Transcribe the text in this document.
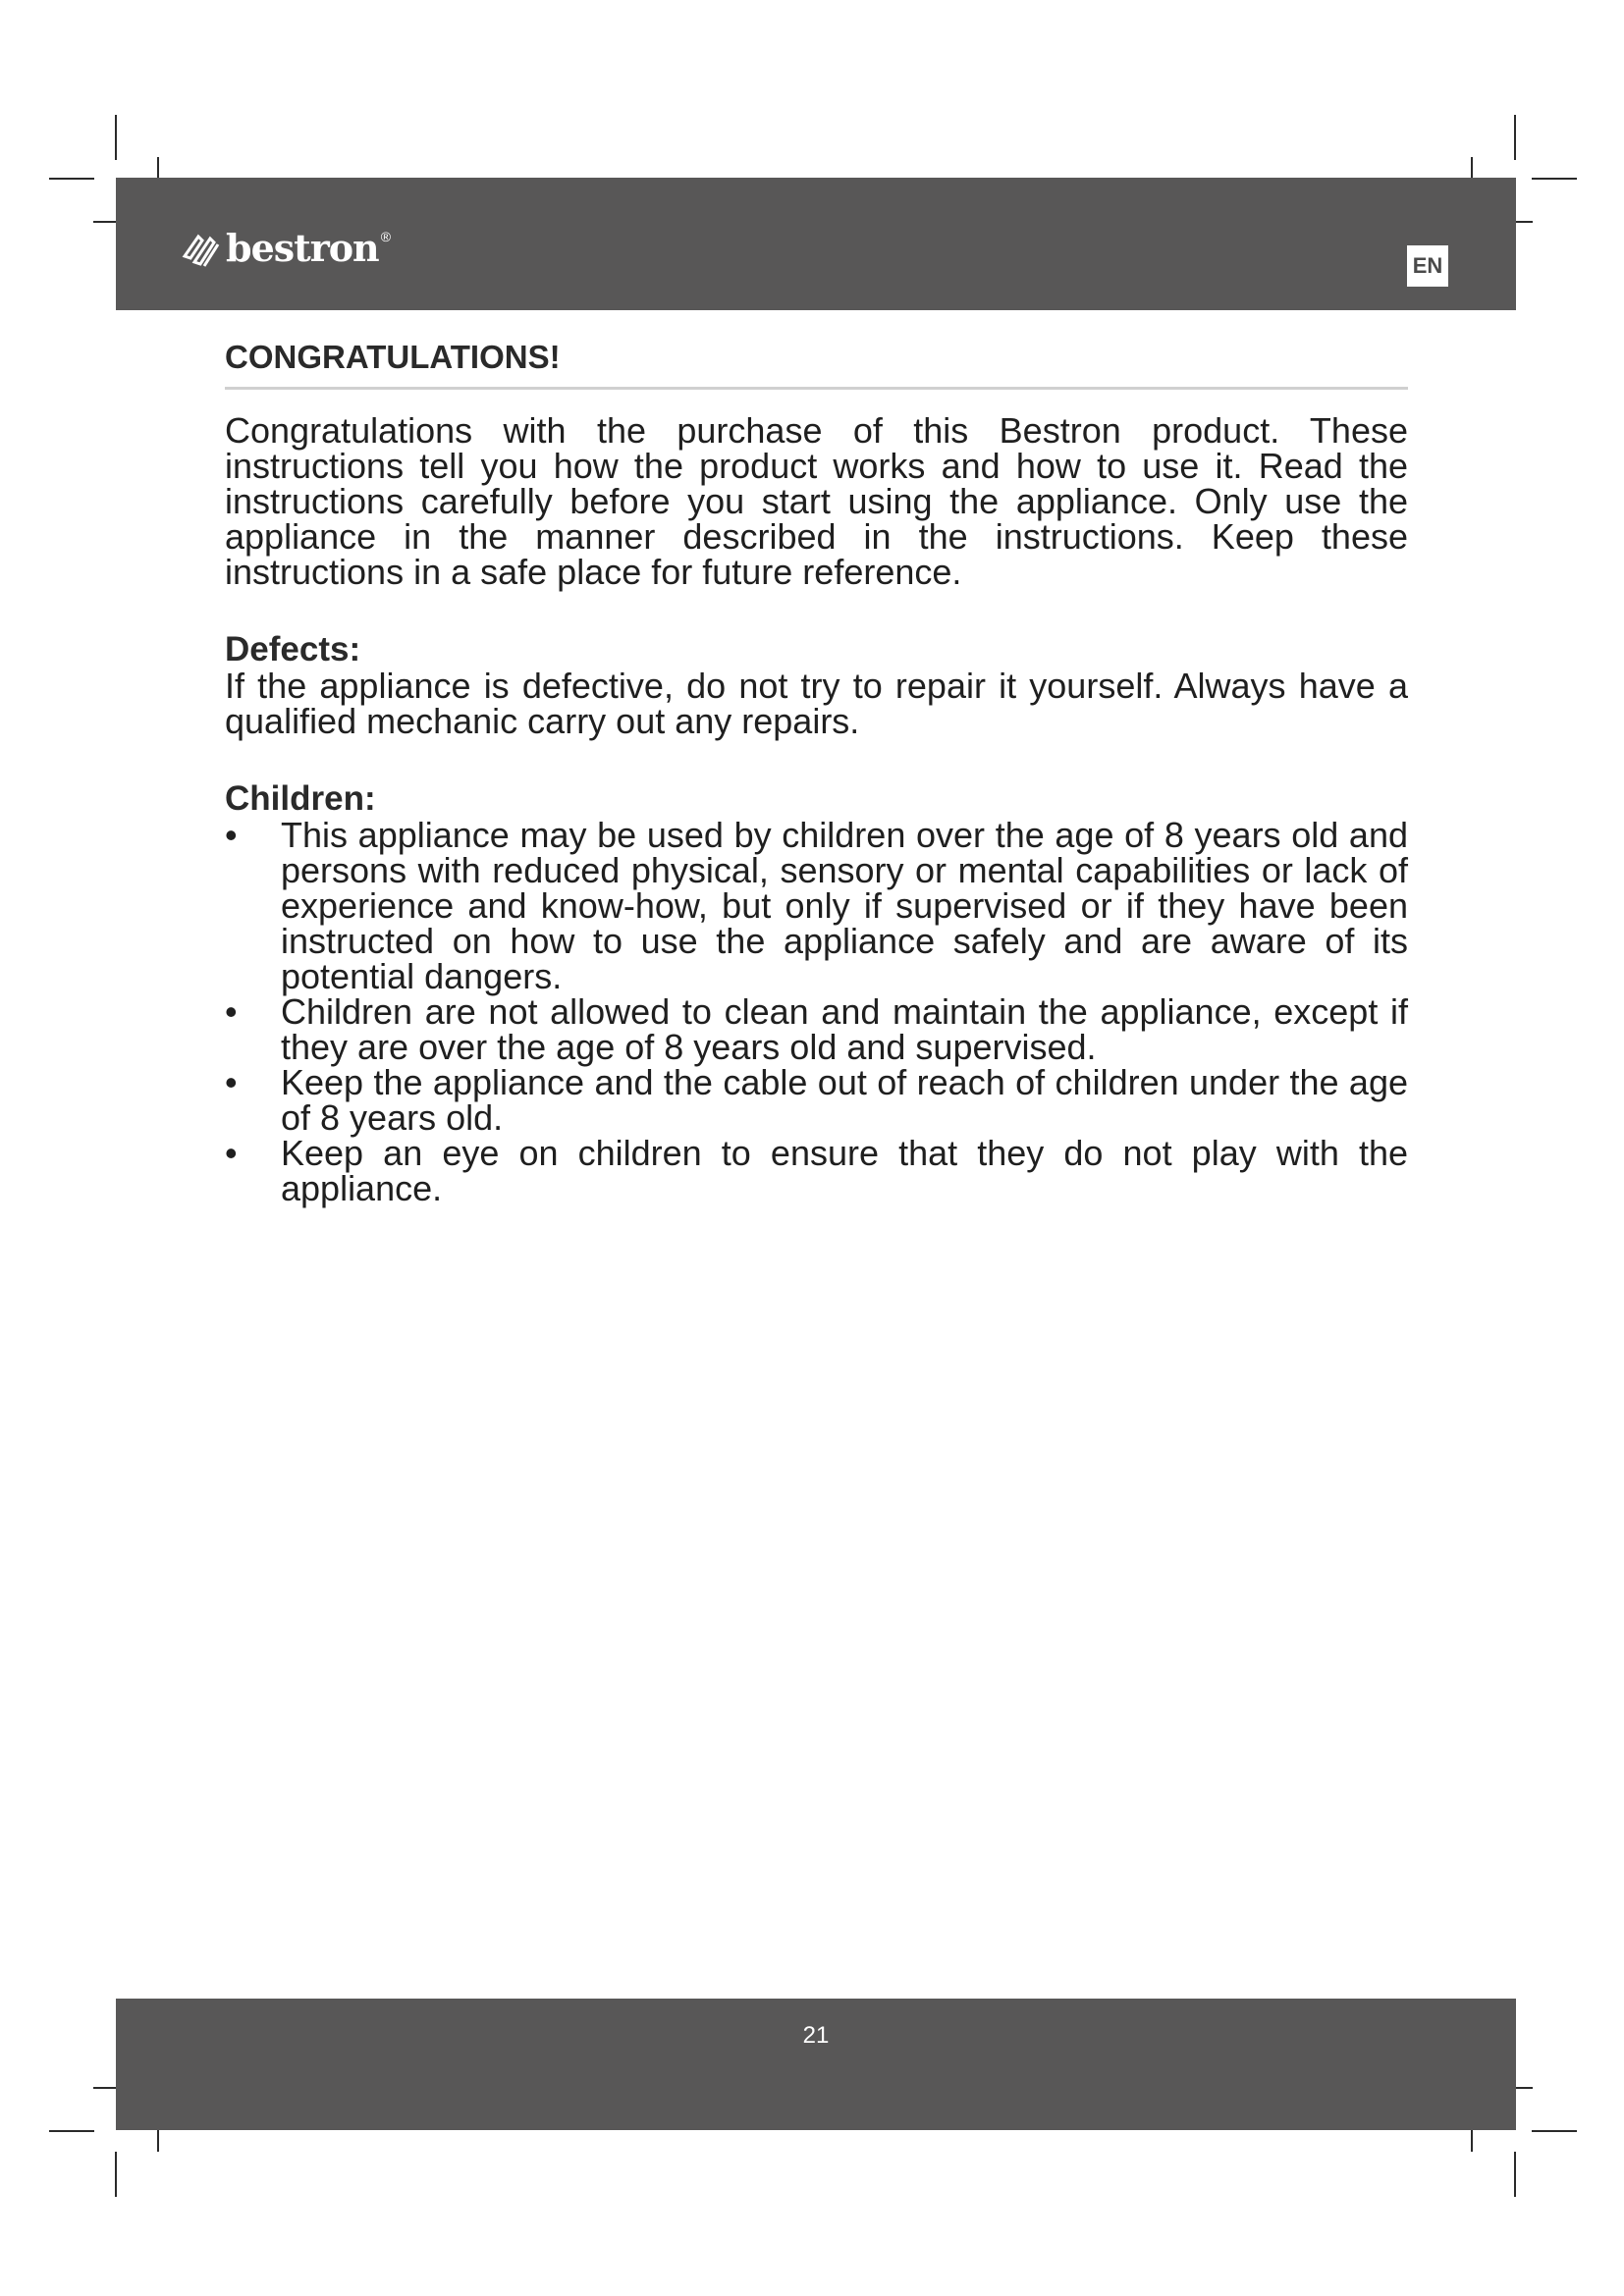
bestron ®
EN
CONGRATULATIONS!

Congratulations with the purchase of this Bestron product. These instructions tell you how the product works and how to use it. Read the instructions carefully before you start using the appliance. Only use the appliance in the manner described in the instructions. Keep these instructions in a safe place for future reference.

Defects:

If the appliance is defective, do not try to repair it yourself. Always have a qualified mechanic carry out any repairs.

Children:
• This appliance may be used by children over the age of 8 years old and persons with reduced physical, sensory or mental capabilities or lack of experience and know-how, but only if supervised or if they have been instructed on how to use the appliance safely and are aware of its potential dangers.
• Children are not allowed to clean and maintain the appliance, except if they are over the age of 8 years old and supervised.
• Keep the appliance and the cable out of reach of children under the age of 8 years old.
• Keep an eye on children to ensure that they do not play with the appliance.
21
